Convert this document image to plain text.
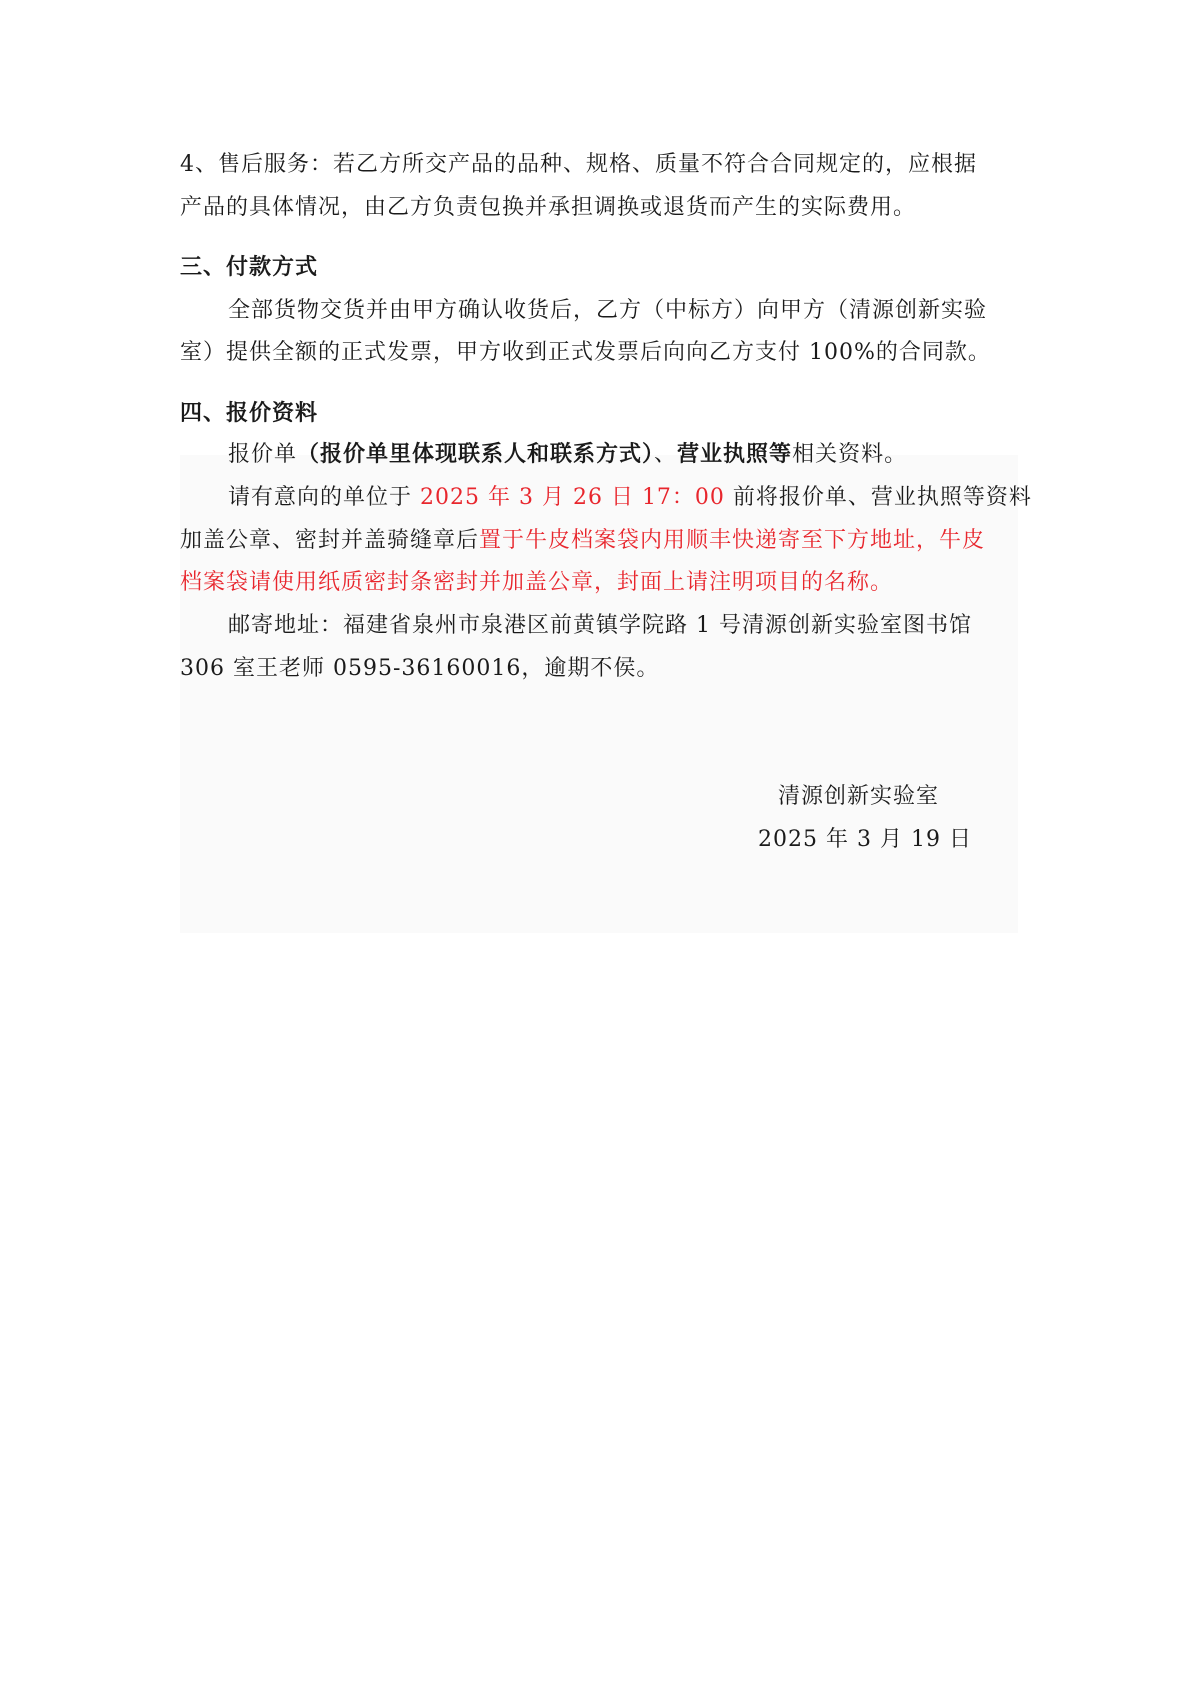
4、售后服务：若乙方所交产品的品种、规格、质量不符合合同规定的，应根据
产品的具体情况，由乙方负责包换并承担调换或退货而产生的实际费用。
三、付款方式
全部货物交货并由甲方确认收货后，乙方（中标方）向甲方（清源创新实验
室）提供全额的正式发票，甲方收到正式发票后向向乙方支付 100%的合同款。
四、报价资料
报价单（报价单里体现联系人和联系方式）、营业执照等相关资料。
请有意向的单位于 2025 年 3 月 26 日 17：00 前将报价单、营业执照等资料
加盖公章、密封并盖骑缝章后置于牛皮档案袋内用顺丰快递寄至下方地址，牛皮
档案袋请使用纸质密封条密封并加盖公章，封面上请注明项目的名称。
邮寄地址：福建省泉州市泉港区前黄镇学院路 1 号清源创新实验室图书馆
306 室王老师 0595-36160016，逾期不侯。
清源创新实验室
2025 年 3 月 19 日
